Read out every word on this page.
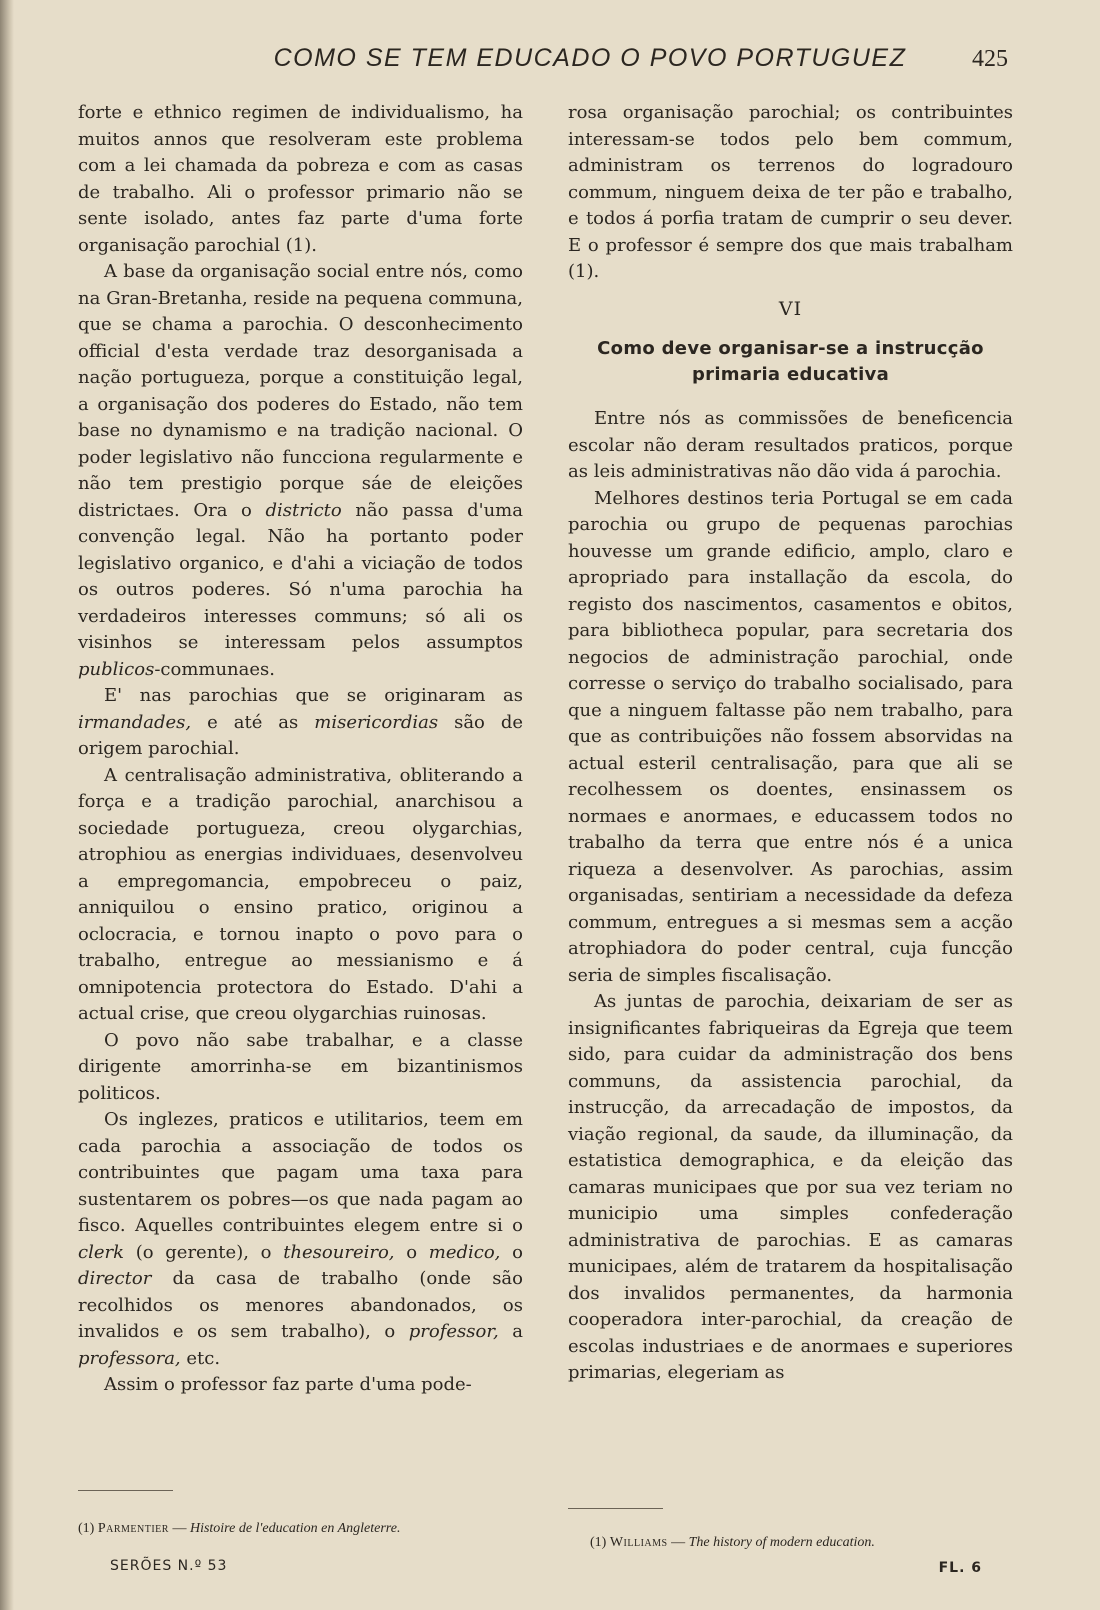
COMO SE TEM EDUCADO O POVO PORTUGUEZ	425

forte e ethnico regimen de individualismo, ha muitos annos que resolveram este problema com a lei chamada da pobreza e com as casas de trabalho. Ali o professor primario não se sente isolado, antes faz parte d'uma forte organisação parochial (1).

A base da organisação social entre nós, como na Gran-Bretanha, reside na pequena communa, que se chama a parochia. O desconhecimento official d'esta verdade traz desorganisada a nação portugueza, porque a constituição legal, a organisação dos poderes do Estado, não tem base no dynamismo e na tradição nacional. O poder legislativo não funcciona regularmente e não tem prestigio porque sáe de eleições districtaes. Ora o districto não passa d'uma convenção legal. Não ha portanto poder legislativo organico, e d'ahi a viciação de todos os outros poderes. Só n'uma parochia ha verdadeiros interesses communs; só ali os visinhos se interessam pelos assumptos publicos-communaes.

E' nas parochias que se originaram as irmandades, e até as misericordias são de origem parochial.

A centralisação administrativa, obliterando a força e a tradição parochial, anarchisou a sociedade portugueza, creou olygarchias, atrophiou as energias individuaes, desenvolveu a empregomancia, empobreceu o paiz, anniquilou o ensino pratico, originou a oclocracia, e tornou inapto o povo para o trabalho, entregue ao messianismo e á omnipotencia protectora do Estado. D'ahi a actual crise, que creou olygarchias ruinosas.

O povo não sabe trabalhar, e a classe dirigente amorrinha-se em bizantinismos politicos.

Os inglezes, praticos e utilitarios, teem em cada parochia a associação de todos os contribuintes que pagam uma taxa para sustentarem os pobres—os que nada pagam ao fisco. Aquelles contribuintes elegem entre si o clerk (o gerente), o thesoureiro, o medico, o director da casa de trabalho (onde são recolhidos os menores abandonados, os invalidos e os sem trabalho), o professor, a professora, etc.

Assim o professor faz parte d'uma pode-

rosa organisação parochial; os contribuintes interessam-se todos pelo bem commum, administram os terrenos do logradouro commum, ninguem deixa de ter pão e trabalho, e todos á porfia tratam de cumprir o seu dever. E o professor é sempre dos que mais trabalham (1).

VI
Como deve organisar-se a instrucção
primaria educativa

Entre nós as commissões de beneficencia escolar não deram resultados praticos, porque as leis administrativas não dão vida á parochia.

Melhores destinos teria Portugal se em cada parochia ou grupo de pequenas parochias houvesse um grande edificio, amplo, claro e apropriado para installação da escola, do registo dos nascimentos, casamentos e obitos, para bibliotheca popular, para secretaria dos negocios de administração parochial, onde corresse o serviço do trabalho socialisado, para que a ninguem faltasse pão nem trabalho, para que as contribuições não fossem absorvidas na actual esteril centralisação, para que ali se recolhessem os doentes, ensinassem os normaes e anormaes, e educassem todos no trabalho da terra que entre nós é a unica riqueza a desenvolver. As parochias, assim organisadas, sentiriam a necessidade da defeza commum, entregues a si mesmas sem a acção atrophiadora do poder central, cuja funcção seria de simples fiscalisação.

As juntas de parochia, deixariam de ser as insignificantes fabriqueiras da Egreja que teem sido, para cuidar da administração dos bens communs, da assistencia parochial, da instrucção, da arrecadação de impostos, da viação regional, da saude, da illuminação, da estatistica demographica, e da eleição das camaras municipaes que por sua vez teriam no municipio uma simples confederação administrativa de parochias. E as camaras municipaes, além de tratarem da hospitalisação dos invalidos permanentes, da harmonia cooperadora inter-parochial, da creação de escolas industriaes e de anormaes e superiores primarias, elegeriam as

(1) Parmentier — Histoire de l'education en Angleterre.
(1) Williams — The history of modern education.
SERÕES N.º 53	FL. 6
